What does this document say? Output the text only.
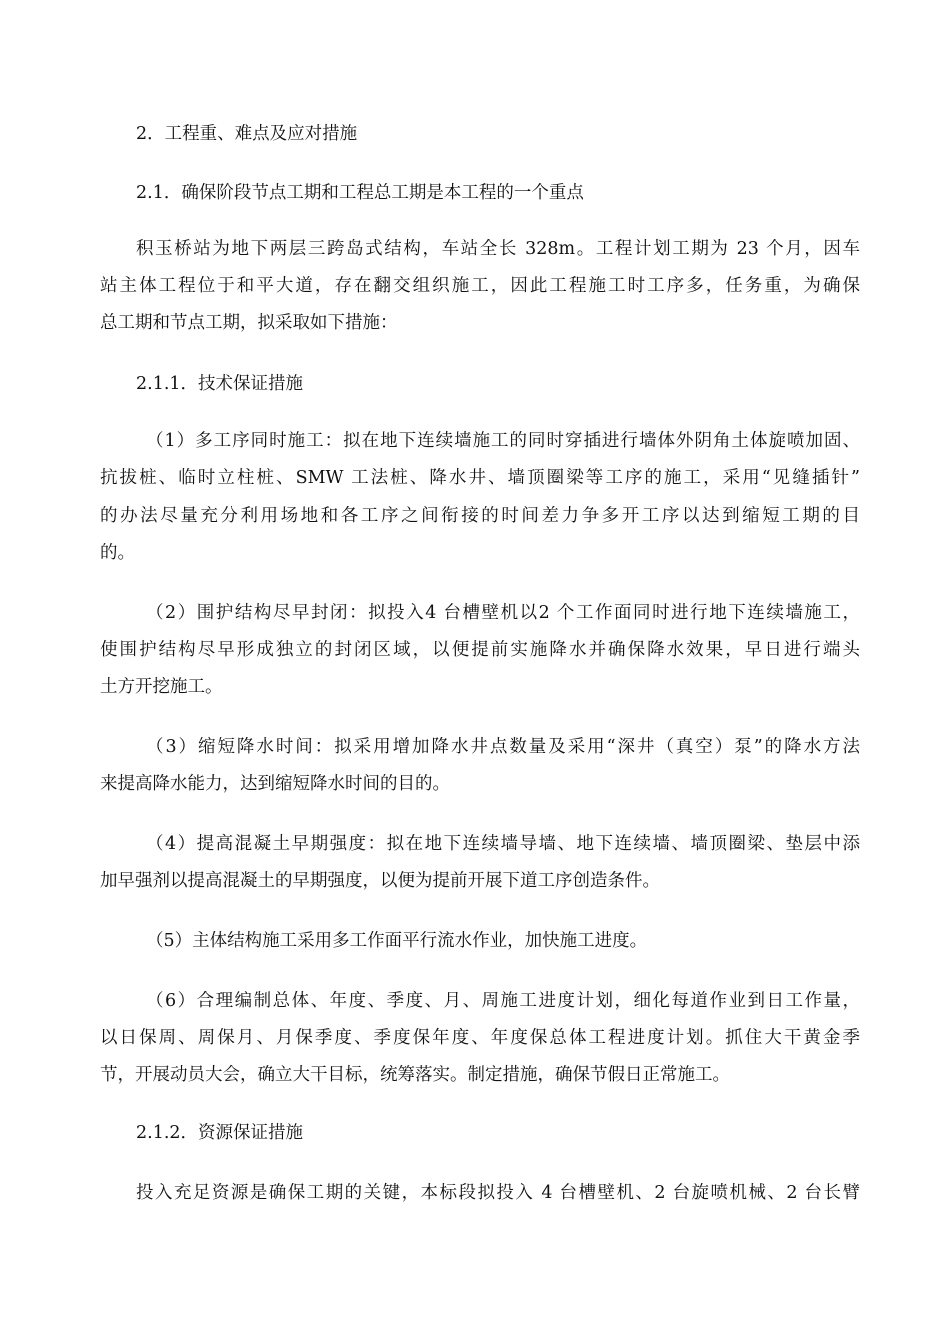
2．工程重、难点及应对措施
2.1．确保阶段节点工期和工程总工期是本工程的一个重点
积玉桥站为地下两层三跨岛式结构，车站全长 328m。工程计划工期为 23 个月，因车
站主体工程位于和平大道，存在翻交组织施工，因此工程施工时工序多，任务重，为确保
总工期和节点工期，拟采取如下措施：
2.1.1．技术保证措施
（1）多工序同时施工：拟在地下连续墙施工的同时穿插进行墙体外阴角土体旋喷加固、
抗拔桩、临时立柱桩、SMW 工法桩、降水井、墙顶圈梁等工序的施工，采用“见缝插针”
的办法尽量充分利用场地和各工序之间衔接的时间差力争多开工序以达到缩短工期的目
的。
（2）围护结构尽早封闭：拟投入4 台槽壁机以2 个工作面同时进行地下连续墙施工，
使围护结构尽早形成独立的封闭区域，以便提前实施降水并确保降水效果，早日进行端头
土方开挖施工。
（3）缩短降水时间：拟采用增加降水井点数量及采用“深井（真空）泵”的降水方法
来提高降水能力，达到缩短降水时间的目的。
（4）提高混凝土早期强度：拟在地下连续墙导墙、地下连续墙、墙顶圈梁、垫层中添
加早强剂以提高混凝土的早期强度，以便为提前开展下道工序创造条件。
（5）主体结构施工采用多工作面平行流水作业，加快施工进度。
（6）合理编制总体、年度、季度、月、周施工进度计划，细化每道作业到日工作量，
以日保周、周保月、月保季度、季度保年度、年度保总体工程进度计划。抓住大干黄金季
节，开展动员大会，确立大干目标，统筹落实。制定措施，确保节假日正常施工。
2.1.2．资源保证措施
投入充足资源是确保工期的关键，本标段拟投入 4 台槽壁机、2 台旋喷机械、2 台长臂
